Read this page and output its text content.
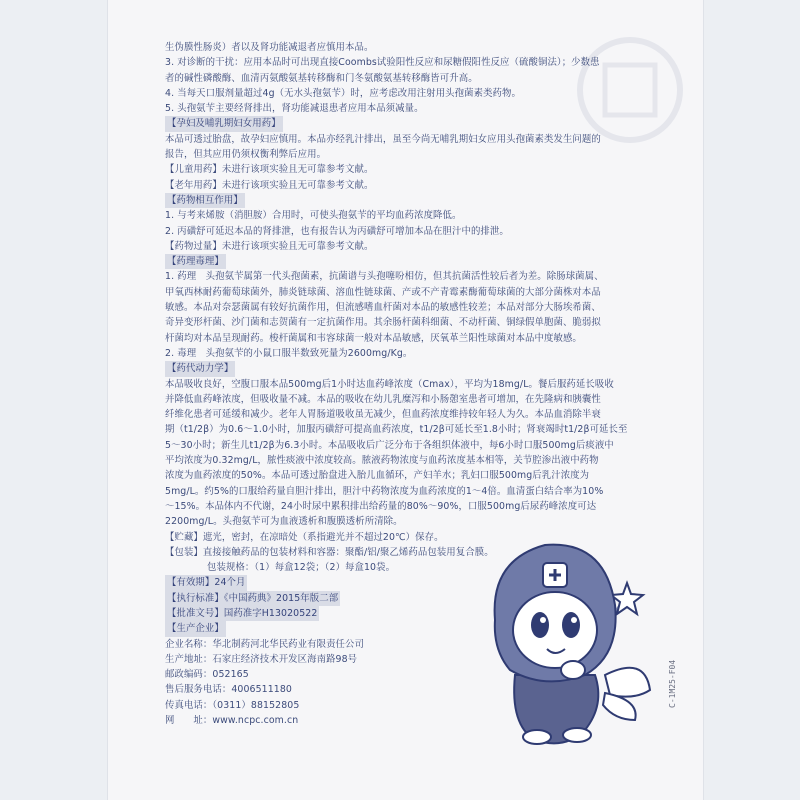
生伪膜性肠炎）者以及肾功能减退者应慎用本品。

3. 对诊断的干扰：应用本品时可出现直接Coombs试验阳性反应和尿糖假阳性反应（硫酸铜法）；少数患

者的碱性磷酸酶、血清丙氨酸氨基转移酶和门冬氨酸氨基转移酶皆可升高。

4. 当每天口服剂量超过4g（无水头孢氨苄）时，应考虑改用注射用头孢菌素类药物。

5. 头孢氨苄主要经肾排出，肾功能减退患者应用本品须减量。

【孕妇及哺乳期妇女用药】

本品可透过胎盘，故孕妇应慎用。本品亦经乳汁排出，虽至今尚无哺乳期妇女应用头孢菌素类发生问题的

报告，但其应用仍须权衡利弊后应用。

【儿童用药】未进行该项实验且无可靠参考文献。

【老年用药】未进行该项实验且无可靠参考文献。

【药物相互作用】

1. 与考来烯胺（消胆胺）合用时，可使头孢氨苄的平均血药浓度降低。

2. 丙磺舒可延迟本品的肾排泄，也有报告认为丙磺舒可增加本品在胆汁中的排泄。

【药物过量】未进行该项实验且无可靠参考文献。

【药理毒理】

1. 药理　头孢氨苄属第一代头孢菌素，抗菌谱与头孢噻吩相仿，但其抗菌活性较后者为差。除肠球菌属、

甲氧西林耐药葡萄球菌外，肺炎链球菌、溶血性链球菌、产或不产青霉素酶葡萄球菌的大部分菌株对本品

敏感。本品对奈瑟菌属有较好抗菌作用，但流感嗜血杆菌对本品的敏感性较差；本品对部分大肠埃希菌、

奇异变形杆菌、沙门菌和志贺菌有一定抗菌作用。其余肠杆菌科细菌、不动杆菌、铜绿假单胞菌、脆弱拟

杆菌均对本品呈现耐药。梭杆菌属和韦容球菌一般对本品敏感，厌氧革兰阳性球菌对本品中度敏感。

2. 毒理　头孢氨苄的小鼠口服半数致死量为2600mg/Kg。

【药代动力学】

本品吸收良好，空腹口服本品500mg后1小时达血药峰浓度（Cmax），平均为18mg/L。餐后服药延长吸收

并降低血药峰浓度，但吸收量不减。本品的吸收在幼儿乳糜泻和小肠憩室患者可增加，在先隆病和胰囊性

纤维化患者可延缓和减少。老年人胃肠道吸收虽无减少，但血药浓度维持较年轻人为久。本品血消除半衰

期（t1/2β）为0.6～1.0小时，加服丙磺舒可提高血药浓度，t1/2β可延长至1.8小时；肾衰竭时t1/2β可延长至

5～30小时；新生儿t1/2β为6.3小时。本品吸收后广泛分布于各组织体液中，每6小时口服500mg后痰液中

平均浓度为0.32mg/L，脓性痰液中浓度较高。脓液药物浓度与血药浓度基本相等，关节腔渗出液中药物

浓度为血药浓度的50%。本品可透过胎盘进入胎儿血循环，产妇羊水；乳妇口服500mg后乳汁浓度为

5mg/L。约5%的口服给药量自胆汁排出，胆汁中药物浓度为血药浓度的1～4倍。血清蛋白结合率为10%

～15%。本品体内不代谢，24小时尿中累积排出给药量的80%～90%，口服500mg后尿药峰浓度可达

2200mg/L。头孢氨苄可为血液透析和腹膜透析所清除。

【贮藏】遮光，密封，在凉暗处（系指避光并不超过20℃）保存。

【包装】直接接触药品的包装材料和容器：聚酯/铝/聚乙烯药品包装用复合膜。

包装规格：（1）每盒12袋；（2）每盒10袋。

【有效期】24个月

【执行标准】《中国药典》2015年版二部

【批准文号】国药准字H13020522

【生产企业】

企业名称：华北制药河北华民药业有限责任公司

生产地址：石家庄经济技术开发区海南路98号

邮政编码：052165

售后服务电话：4006511180

传真电话：（0311）88152805

网　　址：www.ncpc.com.cn

C-1M25-F04
